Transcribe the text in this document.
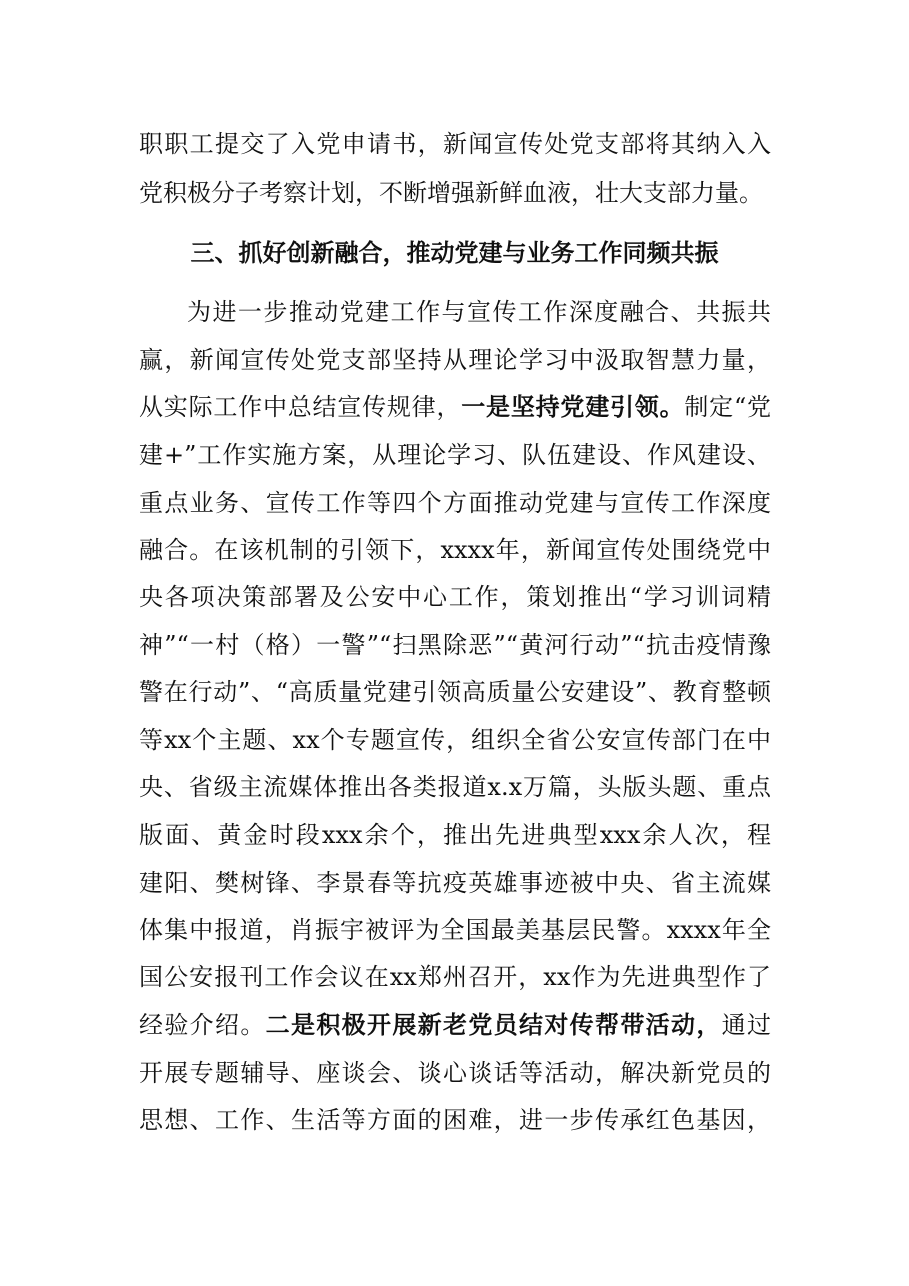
职职工提交了入党申请书，新闻宣传处党支部将其纳入入
党积极分子考察计划，不断增强新鲜血液，壮大支部力量。
三、抓好创新融合，推动党建与业务工作同频共振
为进一步推动党建工作与宣传工作深度融合、共振共
赢，新闻宣传处党支部坚持从理论学习中汲取智慧力量，
从实际工作中总结宣传规律，一是坚持党建引领。制定“党
建+”工作实施方案，从理论学习、队伍建设、作风建设、
重点业务、宣传工作等四个方面推动党建与宣传工作深度
融合。在该机制的引领下，xxxx年，新闻宣传处围绕党中
央各项决策部署及公安中心工作，策划推出“学习训词精
神”“一村（格）一警”“扫黑除恶”“黄河行动”“抗击疫情豫
警在行动”、“高质量党建引领高质量公安建设”、教育整顿
等xx个主题、xx个专题宣传，组织全省公安宣传部门在中
央、省级主流媒体推出各类报道x.x万篇，头版头题、重点
版面、黄金时段xxx余个，推出先进典型xxx余人次，程
建阳、樊树锋、李景春等抗疫英雄事迹被中央、省主流媒
体集中报道，肖振宇被评为全国最美基层民警。xxxx年全
国公安报刊工作会议在xx郑州召开，xx作为先进典型作了
经验介绍。二是积极开展新老党员结对传帮带活动，通过
开展专题辅导、座谈会、谈心谈话等活动，解决新党员的
思想、工作、生活等方面的困难，进一步传承红色基因，
